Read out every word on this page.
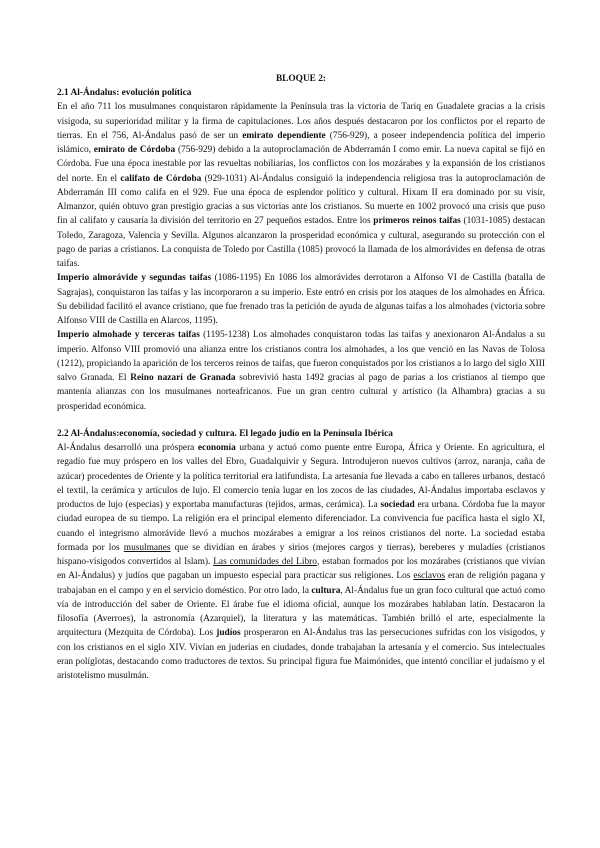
BLOQUE 2:

2.1 Al-Ándalus: evolución política

En el año 711 los musulmanes conquistaron rápidamente la Península tras la victoria de Tariq en Guadalete gracias a la crisis visigoda, su superioridad militar y la firma de capitulaciones. Los años después destacaron por los conflictos por el reparto de tierras. En el 756, Al-Ándalus pasó de ser un emirato dependiente (756-929), a poseer independencia política del imperio islámico, emirato de Córdoba (756-929) debido a la autoproclamación de Abderramán I como emir. La nueva capital se fijó en Córdoba. Fue una época inestable por las revueltas nobiliarias, los conflictos con los mozárabes y la expansión de los cristianos del norte. En el califato de Córdoba (929-1031) Al-Ándalus consiguió la independencia religiosa tras la autoproclamación de Abderramán III como califa en el 929. Fue una época de esplendor político y cultural. Hixam II era dominado por su visir, Almanzor, quién obtuvo gran prestigio gracias a sus victorias ante los cristianos. Su muerte en 1002 provocó una crisis que puso fin al califato y causaría la división del territorio en 27 pequeños estados. Entre los primeros reinos taifas (1031-1085) destacan Toledo, Zaragoza, Valencia y Sevilla. Algunos alcanzaron la prosperidad económica y cultural, asegurando su protección con el pago de parias a cristianos. La conquista de Toledo por Castilla (1085) provocó la llamada de los almorávides en defensa de otras taifas.

Imperio almorávide y segundas taifas (1086-1195) En 1086 los almorávides derrotaron a Alfonso VI de Castilla (batalla de Sagrajas), conquistaron las taifas y las incorporaron a su imperio. Este entró en crisis por los ataques de los almohades en África. Su debilidad facilitó el avance cristiano, que fue frenado tras la petición de ayuda de algunas taifas a los almohades (victoria sobre Alfonso VIII de Castilla en Alarcos, 1195).

Imperio almohade y terceras taifas (1195-1238) Los almohades conquistaron todas las taifas y anexionaron Al-Ándalus a su imperio. Alfonso VIII promovió una alianza entre los cristianos contra los almohades, a los que venció en las Navas de Tolosa (1212), propiciando la aparición de los terceros reinos de taifas, que fueron conquistados por los cristianos a lo largo del siglo XIII salvo Granada. El Reino nazarí de Granada sobrevivió hasta 1492 gracias al pago de parias a los cristianos al tiempo que mantenía alianzas con los musulmanes norteafricanos. Fue un gran centro cultural y artístico (la Alhambra) gracias a su prosperidad económica.

2.2 Al-Ándalus:economía, sociedad y cultura. El legado judío en la Península Ibérica

Al-Ándalus desarrolló una próspera economía urbana y actuó como puente entre Europa, África y Oriente. En agricultura, el regadío fue muy próspero en los valles del Ebro, Guadalquivir y Segura. Introdujeron nuevos cultivos (arroz, naranja, caña de azúcar) procedentes de Oriente y la política territorial era latifundista. La artesanía fue llevada a cabo en talleres urbanos, destacó el textil, la cerámica y artículos de lujo. El comercio tenía lugar en los zocos de las ciudades, Al-Ándalus importaba esclavos y productos de lujo (especias) y exportaba manufacturas (tejidos, armas, cerámica). La sociedad era urbana. Córdoba fue la mayor ciudad europea de su tiempo. La religión era el principal elemento diferenciador. La convivencia fue pacífica hasta el siglo XI, cuando el integrismo almorávide llevó a muchos mozárabes a emigrar a los reinos cristianos del norte. La sociedad estaba formada por los musulmanes que se dividían en árabes y sirios (mejores cargos y tierras), bereberes y muladíes (cristianos hispano-visigodos convertidos al Islam). Las comunidades del Libro, estaban formados por los mozárabes (cristianos que vivían en Al-Ándalus) y judíos que pagaban un impuesto especial para practicar sus religiones. Los esclavos eran de religión pagana y trabajaban en el campo y en el servicio doméstico. Por otro lado, la cultura, Al-Ándalus fue un gran foco cultural que actuó como vía de introducción del saber de Oriente. El árabe fue el idioma oficial, aunque los mozárabes hablaban latín. Destacaron la filosofía (Averroes), la astronomía (Azarquiel), la literatura y las matemáticas. También brilló el arte, especialmente la arquitectura (Mezquita de Córdoba). Los judíos prosperaron en Al-Ándalus tras las persecuciones sufridas con los visigodos, y con los cristianos en el siglo XIV. Vivían en juderías en ciudades, donde trabajaban la artesanía y el comercio. Sus intelectuales eran políglotas, destacando como traductores de textos. Su principal figura fue Maimónides, que intentó conciliar el judaísmo y el aristotelismo musulmán.
